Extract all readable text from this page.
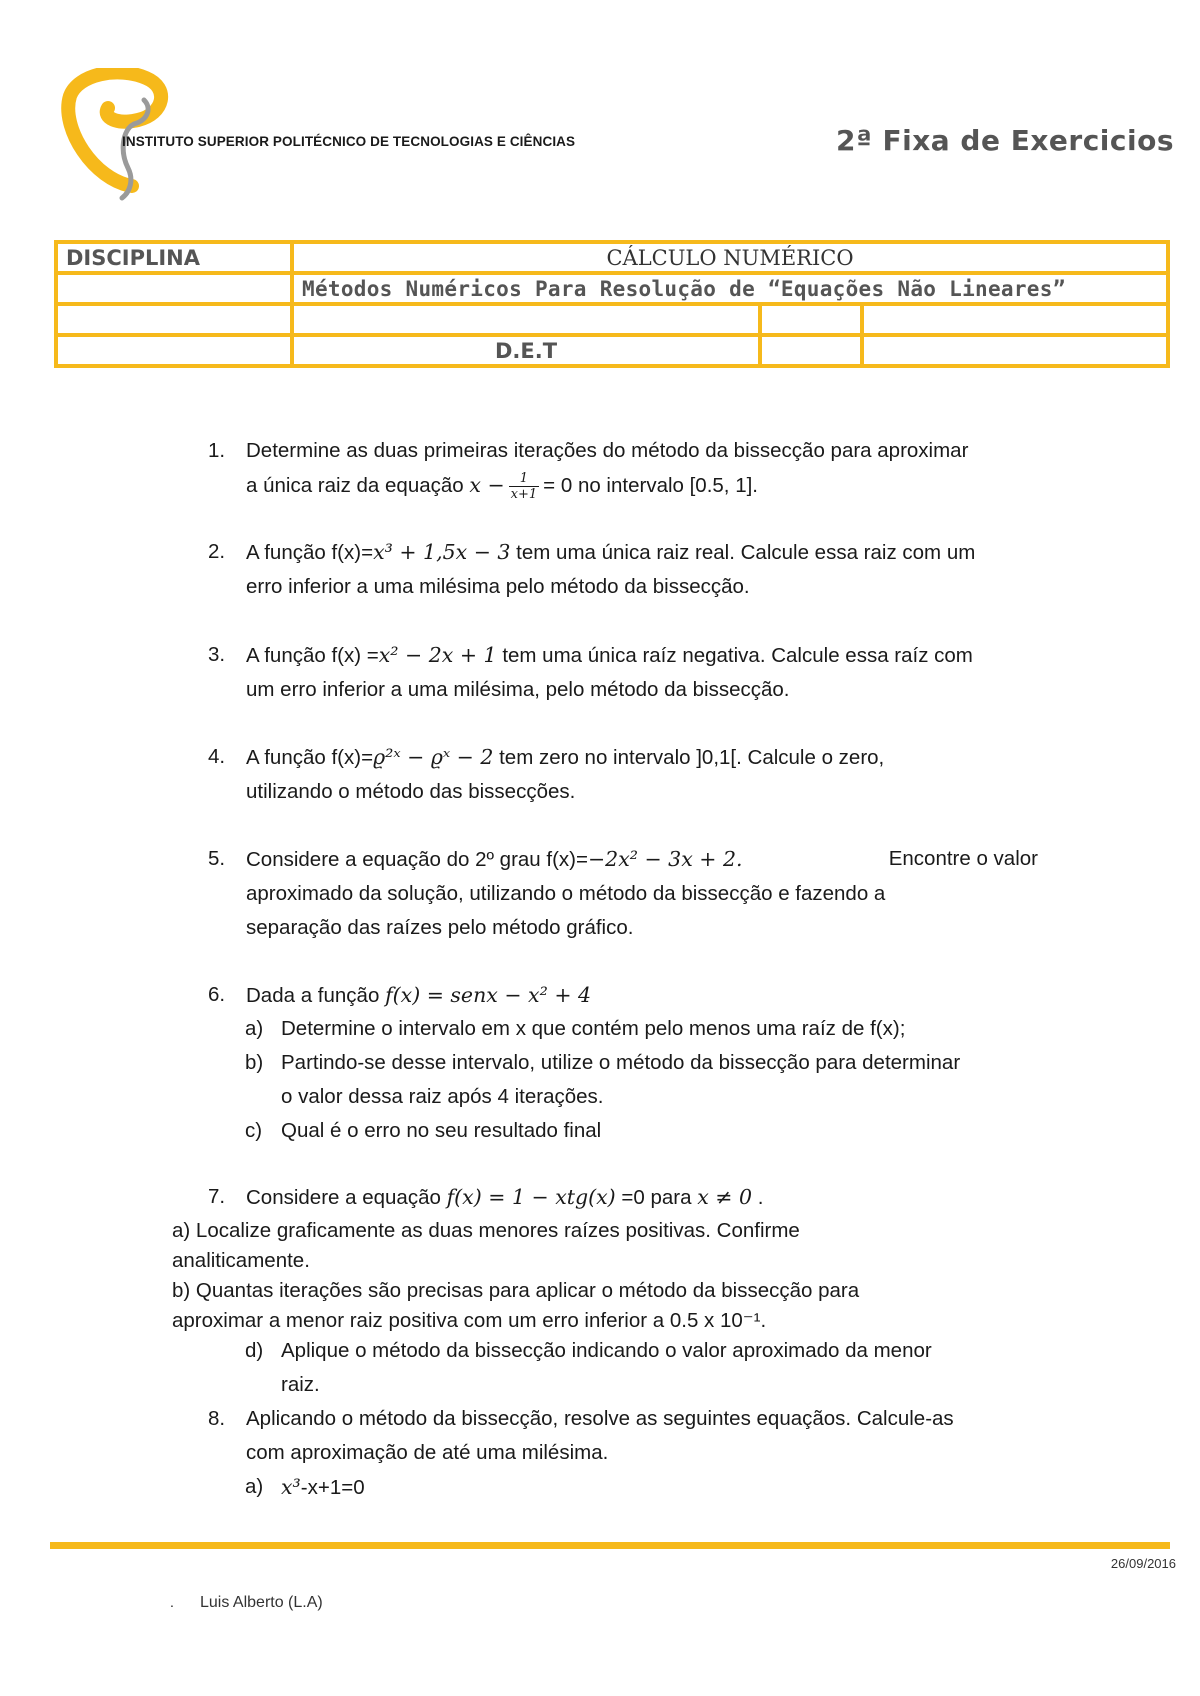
INSTITUTO SUPERIOR POLITÉCNICO DE TECNOLOGIAS E CIÊNCIAS	2ª Fixa de Exercicios
DISCIPLINA	CÁLCULO NUMÉRICO		
	Métodos Numéricos Para Resolução de “Equações Não Lineares”		

	D.E.T		
1.	Determine as duas primeiras iterações do método da bissecção para aproximar
a única raiz da equação 𝑥 − $\frac{1}{\text{𝑥+1}} = 0$ no intervalo [0.5, 1].
2.	A função f(x)=𝑥³ + 1,5𝑥 − 3 tem uma única raiz real. Calcule essa raiz com um
erro inferior a uma milésima pelo método da bissecção.
3.	A função f(x) =𝑥² − 2𝑥 + 1 tem uma única raíz negativa. Calcule essa raíz com
um erro inferior a uma milésima, pelo método da bissecção.
4.	A função f(x)=𝜚²ˣ − 𝜚ˣ − 2 tem zero no intervalo ]0,1[. Calcule o zero,
utilizando o método das bissecções.
5.	Considere a equação do 2º grau f(x)=−2𝑥² − 3𝑥 + 2.	Encontre o valor
aproximado da solução, utilizando o método da bissecção e fazendo a
separação das raízes pelo método gráfico.
6.	Dada a função 𝑓(𝑥) = 𝑠𝑒𝑛𝑥 − 𝑥² + 4
a) Determine o intervalo em x que contém pelo menos uma raíz de f(x);
b) Partindo-se desse intervalo, utilize o método da bissecção para determinar
o valor dessa raiz após 4 iterações.
c) Qual é o erro no seu resultado final
7.	Considere a equação 𝑓(𝑥) = 1 − 𝑥𝑡𝑔(𝑥) =0 para 𝑥 ≠ 0 .
a) Localize graficamente as duas menores raízes positivas. Confirme
analiticamente.
b) Quantas iterações são precisas para aplicar o método da bissecção para
aproximar a menor raiz positiva com um erro inferior a 0.5 x 10⁻¹.
d) Aplique o método da bissecção indicando o valor aproximado da menor
raiz.
8.	Aplicando o método da bissecção, resolve as seguintes equaçãos. Calcule-as
com aproximação de até uma milésima.
a) 𝑥³-x+1=0
26/09/2016
. Luis Alberto (L.A)
